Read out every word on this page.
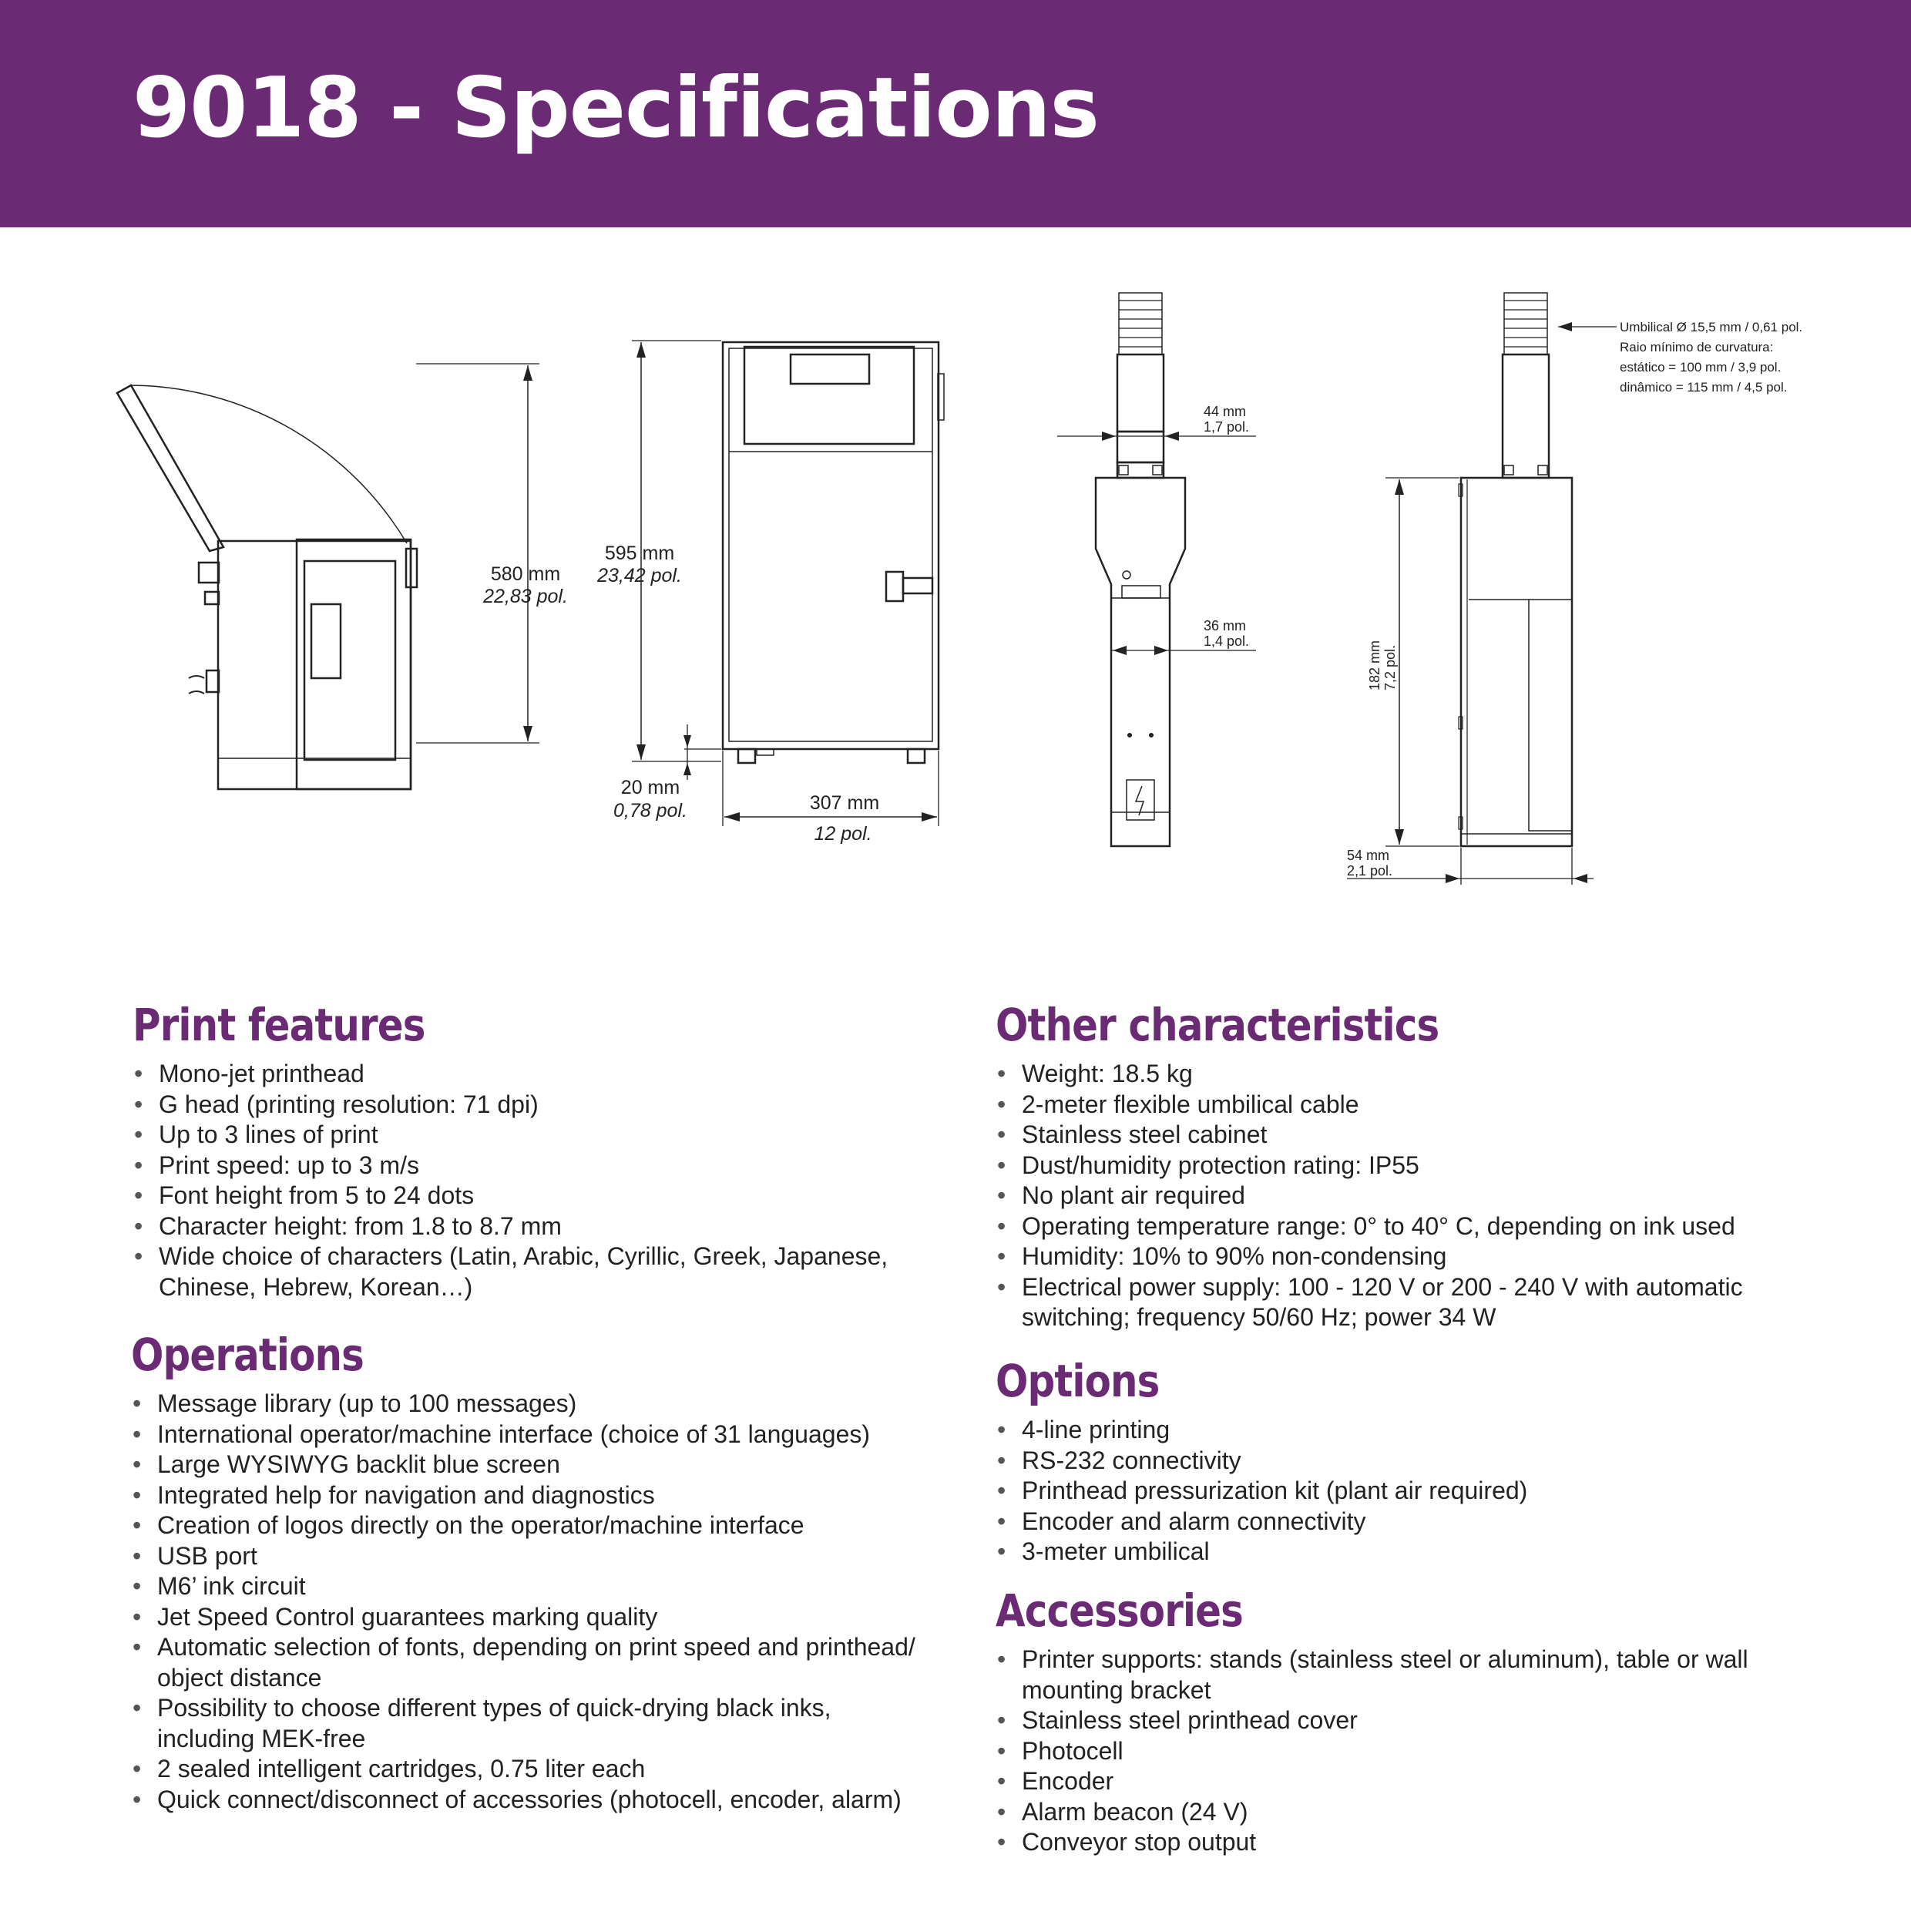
9018 - Specifications
580 mm
22,83 pol.
595 mm
23,42 pol.
20 mm
0,78 pol.	307 mm
12 pol.
44 mm
1,7 pol.
36 mm
1,4 pol.
Umbilical Ø 15,5 mm / 0,61 pol.
Raio mínimo de curvatura:
estático = 100 mm / 3,9 pol.
dinâmico = 115 mm / 4,5 pol.
182 mm 7,2 pol.
54 mm
2,1 pol.
Print features
• Mono-jet printhead
• G head (printing resolution: 71 dpi)
• Up to 3 lines of print
• Print speed: up to 3 m/s
• Font height from 5 to 24 dots
• Character height: from 1.8 to 8.7 mm
• Wide choice of characters (Latin, Arabic, Cyrillic, Greek, Japanese, Chinese, Hebrew, Korean…)
Operations
• Message library (up to 100 messages)
• International operator/machine interface (choice of 31 languages)
• Large WYSIWYG backlit blue screen
• Integrated help for navigation and diagnostics
• Creation of logos directly on the operator/machine interface
• USB port
• M6’ ink circuit
• Jet Speed Control guarantees marking quality
• Automatic selection of fonts, depending on print speed and printhead/ object distance
• Possibility to choose different types of quick-drying black inks, including MEK-free
• 2 sealed intelligent cartridges, 0.75 liter each
• Quick connect/disconnect of accessories (photocell, encoder, alarm)
Other characteristics
• Weight: 18.5 kg
• 2-meter flexible umbilical cable
• Stainless steel cabinet
• Dust/humidity protection rating: IP55
• No plant air required
• Operating temperature range: 0° to 40° C, depending on ink used
• Humidity: 10% to 90% non-condensing
• Electrical power supply: 100 - 120 V or 200 - 240 V with automatic switching; frequency 50/60 Hz; power 34 W
Options
• 4-line printing
• RS-232 connectivity
• Printhead pressurization kit (plant air required)
• Encoder and alarm connectivity
• 3-meter umbilical
Accessories
• Printer supports: stands (stainless steel or aluminum), table or wall mounting bracket
• Stainless steel printhead cover
• Photocell
• Encoder
• Alarm beacon (24 V)
• Conveyor stop output
